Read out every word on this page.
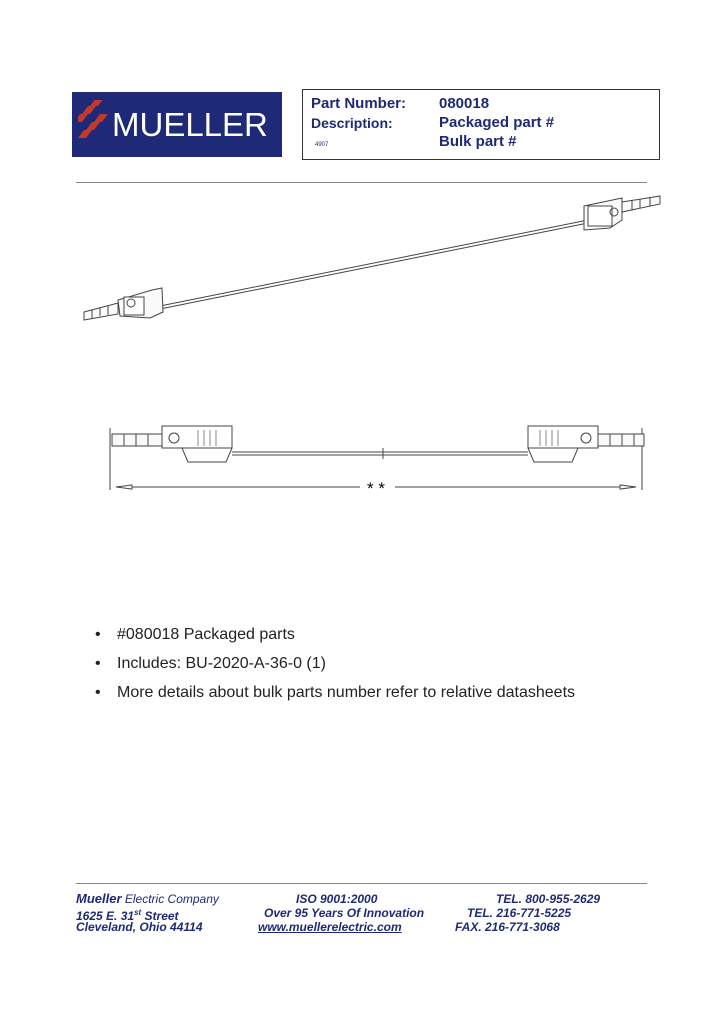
MUELLER
Part Number: 080018
Description:	Packaged part #
Bulk part #
4907
* *
• #080018 Packaged parts
• Includes: BU-2020-A-36-0 (1)
• More details about bulk parts number refer to relative datasheets
Mueller Electric Company
1625 E. 31st Street
Cleveland, Ohio 44114
ISO 9001:2000
Over 95 Years Of Innovation
www.muellerelectric.com
TEL. 800-955-2629
TEL. 216-771-5225
FAX. 216-771-3068
